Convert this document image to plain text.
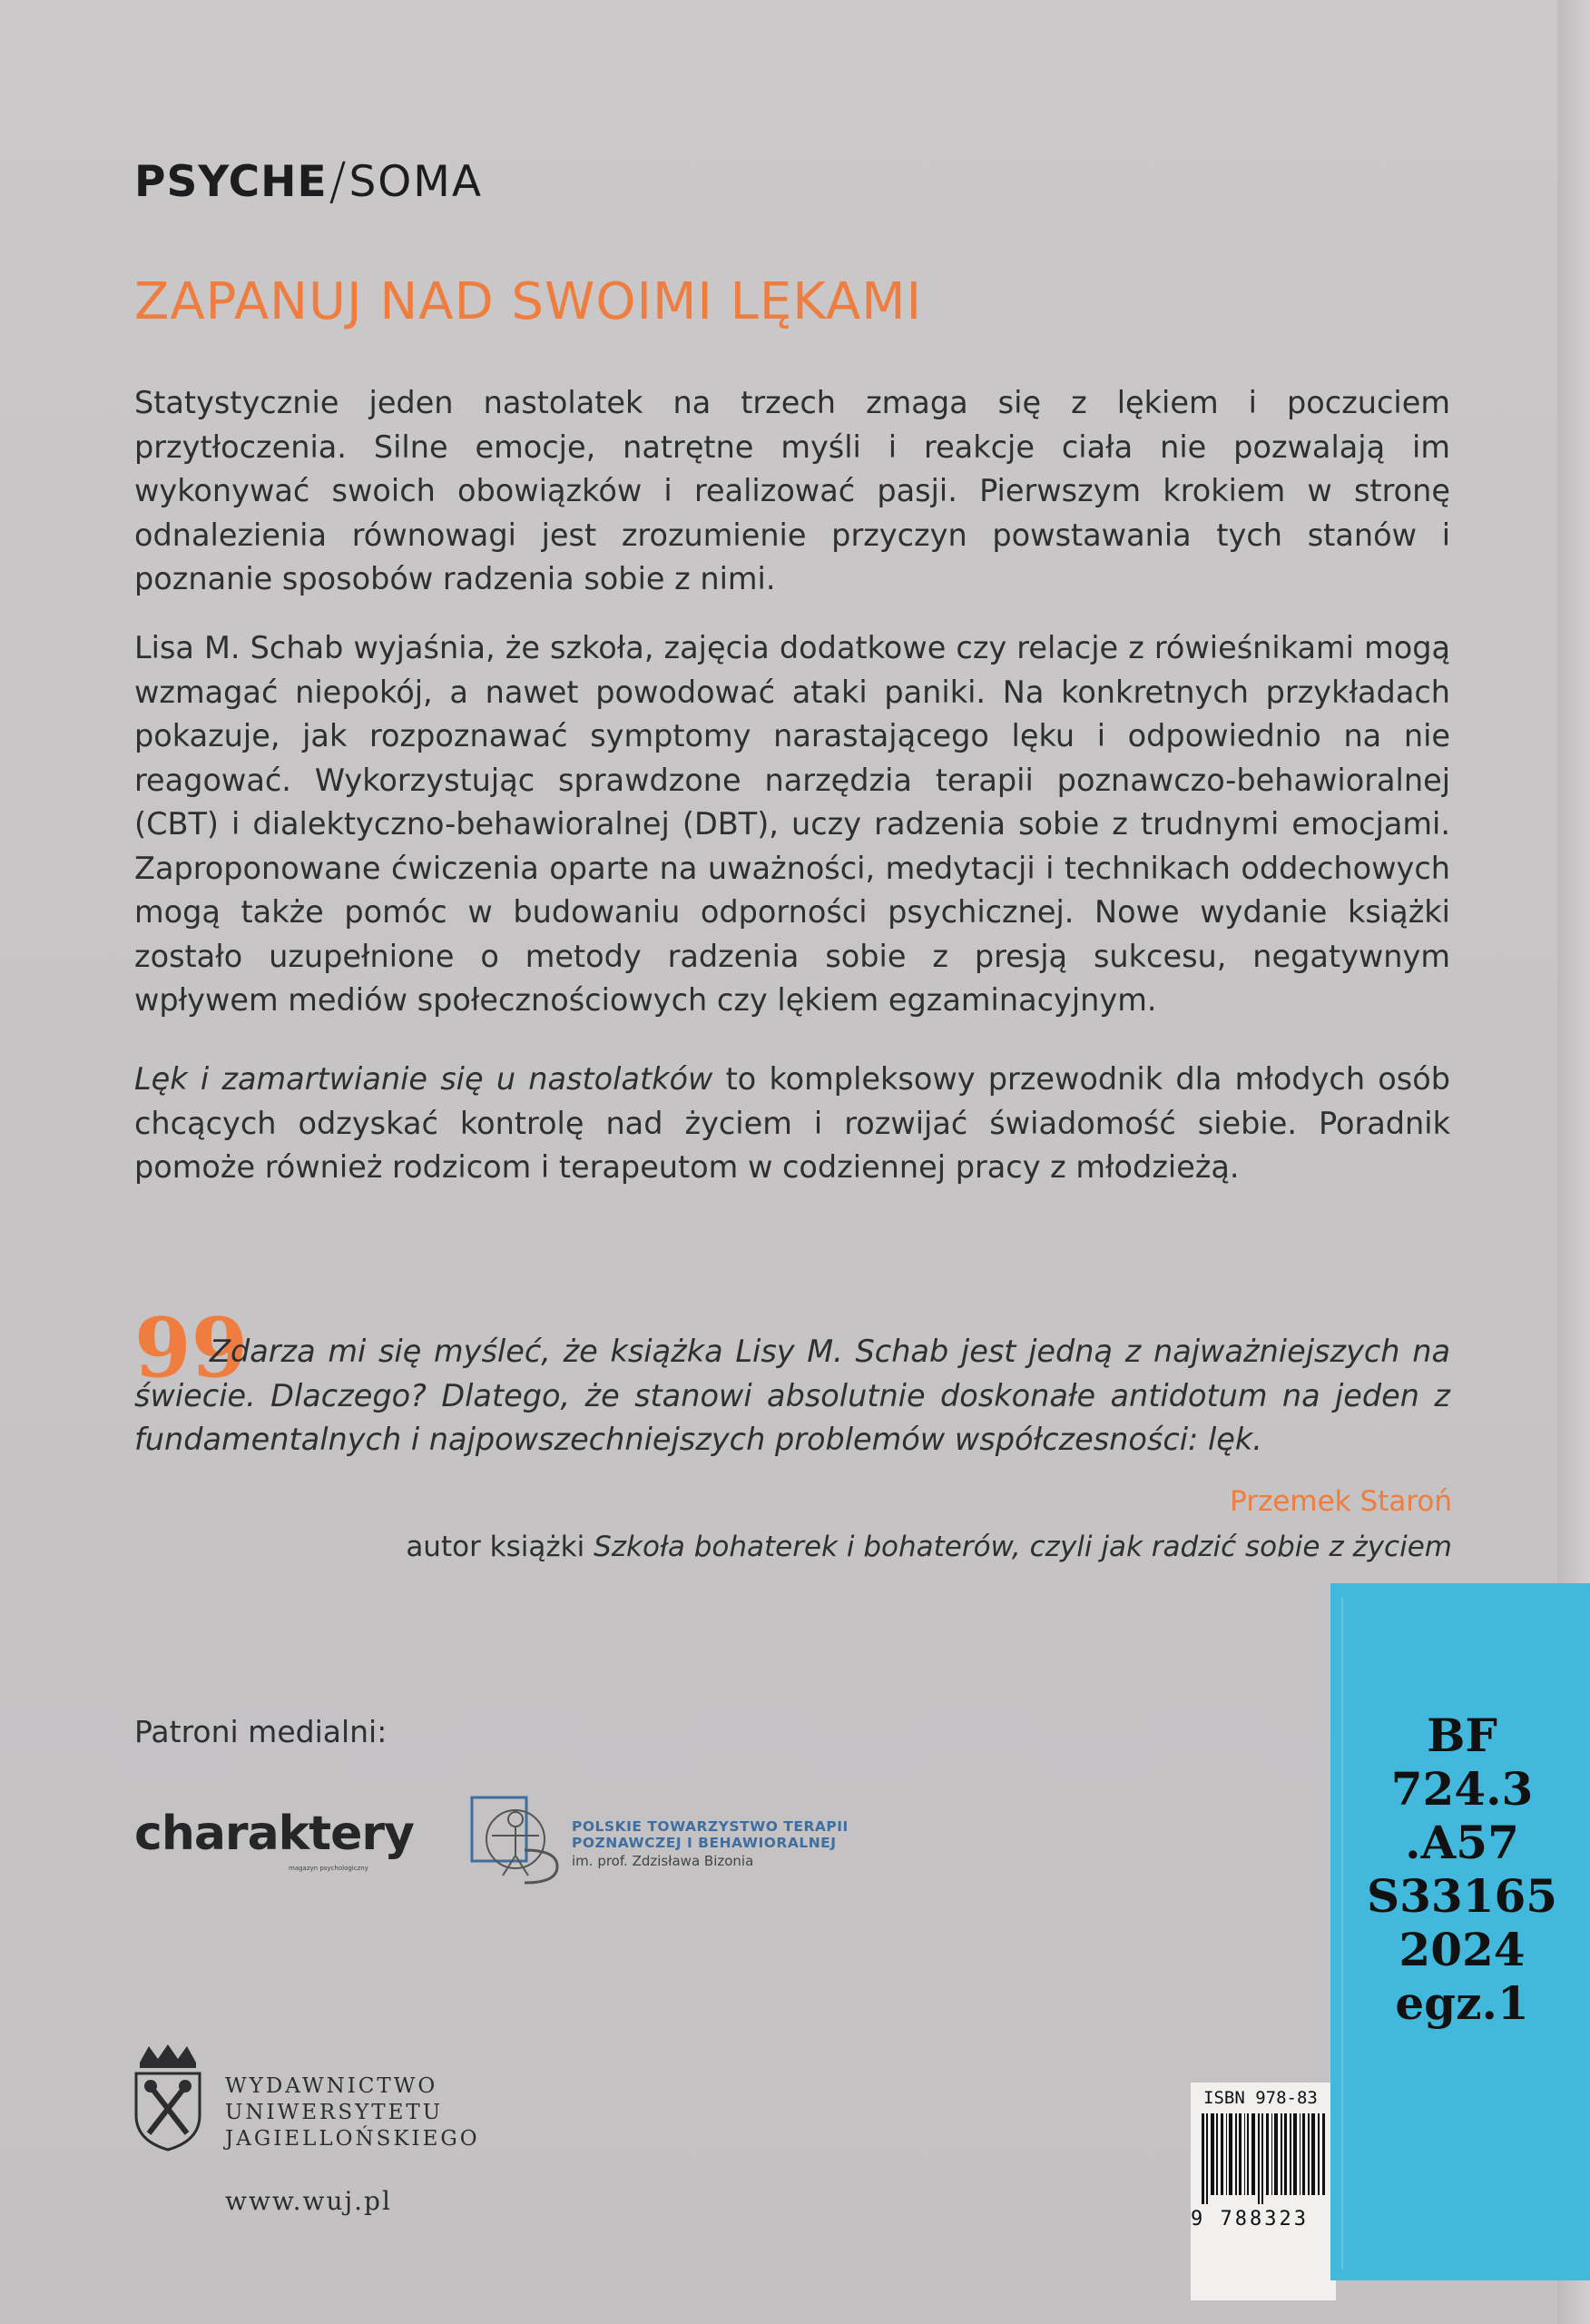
PSYCHE / SOMA
ZAPANUJ NAD SWOIMI LĘKAMI
Statystycznie jeden nastolatek na trzech zmaga się z lękiem i poczuciem przytłoczenia. Silne emocje, natrętne myśli i reakcje ciała nie pozwalają im wykonywać swoich obowiązków i realizować pasji. Pierwszym krokiem w stronę odnalezienia równowagi jest zrozumienie przyczyn powstawania tych stanów i poznanie sposobów radzenia sobie z nimi.
Lisa M. Schab wyjaśnia, że szkoła, zajęcia dodatkowe czy relacje z rówieśnikami mogą wzmagać niepokój, a nawet powodować ataki paniki. Na konkretnych przykładach pokazuje, jak rozpoznawać symptomy narastającego lęku i odpowiednio na nie reagować. Wykorzystując sprawdzone narzędzia terapii poznawczo-behawioralnej (CBT) i dialektyczno-behawioralnej (DBT), uczy radzenia sobie z trudnymi emocjami. Zaproponowane ćwiczenia oparte na uważności, medytacji i technikach oddechowych mogą także pomóc w budowaniu odporności psychicznej. Nowe wydanie książki zostało uzupełnione o metody radzenia sobie z presją sukcesu, negatywnym wpływem mediów społecznościowych czy lękiem egzaminacyjnym.
Lęk i zamartwianie się u nastolatków to kompleksowy przewodnik dla młodych osób chcących odzyskać kontrolę nad życiem i rozwijać świadomość siebie. Poradnik pomoże również rodzicom i terapeutom w codziennej pracy z młodzieżą.
99
Zdarza mi się myśleć, że książka Lisy M. Schab jest jedną z najważniejszych na świecie. Dlaczego? Dlatego, że stanowi absolutnie doskonałe antidotum na jeden z fundamentalnych i najpowszechniejszych problemów współczesności: lęk.
Przemek Staroń
autor książki Szkoła bohaterek i bohaterów, czyli jak radzić sobie z życiem
Patroni medialni:
charaktery
magazyn psychologiczny
POLSKIE TOWARZYSTWO TERAPII
POZNAWCZEJ I BEHAWIORALNEJ
im. prof. Zdzisława Bizonia
WYDAWNICTWO
UNIWERSYTETU
JAGIELLOŃSKIEGO
www.wuj.pl
ISBN 978-83
9 788323
BF
724.3
.A57
S33165
2024
egz.1
